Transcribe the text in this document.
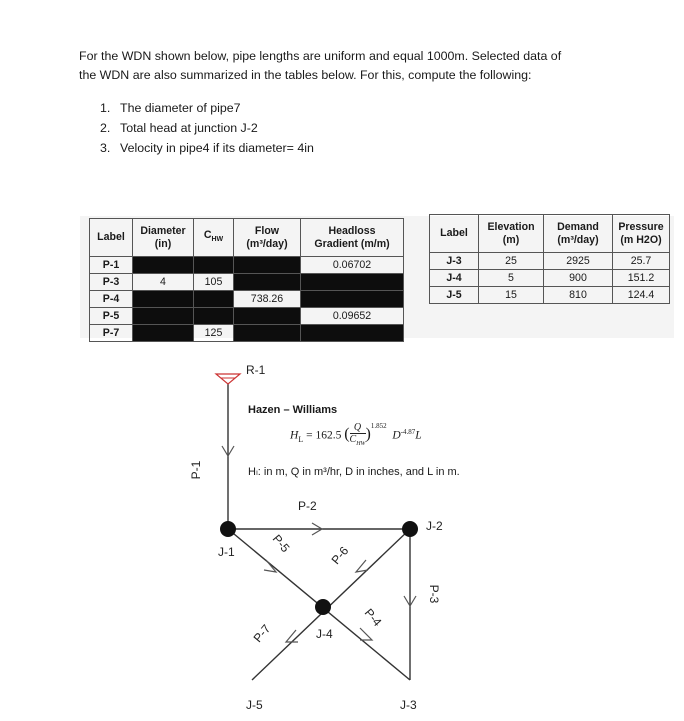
For the WDN shown below, pipe lengths are uniform and equal 1000m. Selected data of

the WDN are also summarized in the tables below. For this, compute the following:

1. The diameter of pipe7
2. Total head at junction J-2
3. Velocity in pipe4 if its diameter= 4in
Label	Diameter
(in)	$C_{HW}$	Flow
(m³/day)	Headloss
Gradient (m/m)
P-1				0.06702
P-3	4	105		
P-4			738.26	
P-5				0.09652
P-7		125		
Label	Elevation
(m)	Demand
(m³/day)	Pressure
(m H2O)
J-3	25	2925	25.7
J-4	5	900	151.2
J-5	15	810	124.4
R-1
P-1
P-2
P-3
P-4
P-5
P-6
P-7
J-1
J-2
J-3
J-4
J-5
Hazen – Williams
$H_L = 162.5$ ( Q
$C_{HW}$
)$^{1.852}$  $D^{-4.87}L$
Hₗ: in m, Q in m³/hr, D in inches, and L in m.
